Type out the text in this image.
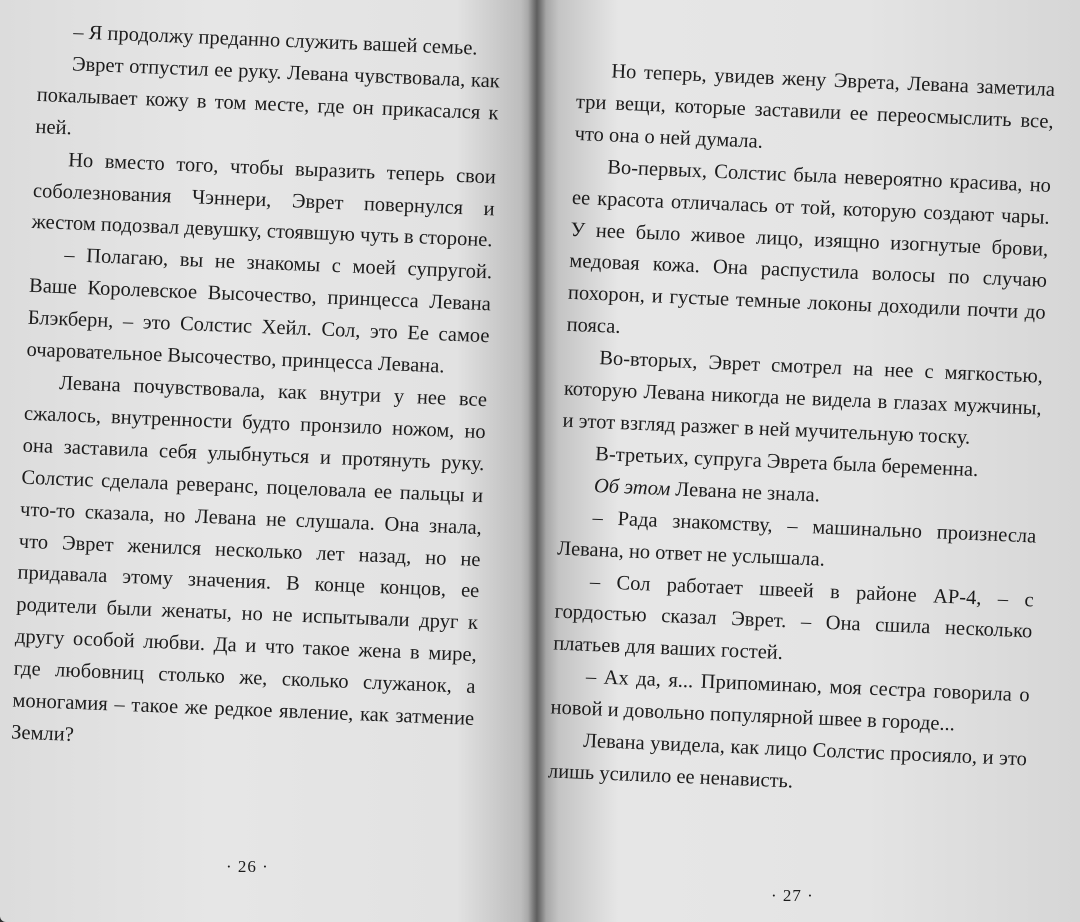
– Я продолжу преданно служить вашей семье.

Эврет отпустил ее руку. Левана чувствовала, как покалывает кожу в том месте, где он прикасался к ней.

Но вместо того, чтобы выразить теперь свои соболезнования Чэннери, Эврет повернулся и жестом подозвал девушку, стоявшую чуть в стороне.

– Полагаю, вы не знакомы с моей супругой. Ваше Королевское Высочество, принцесса Левана Блэкберн, – это Солстис Хейл. Сол, это Ее самое очаровательное Высочество, принцесса Левана.

Левана почувствовала, как внутри у нее все сжалось, внутренности будто пронзило ножом, но она заставила себя улыбнуться и протянуть руку. Солстис сделала реверанс, поцеловала ее пальцы и что-то сказала, но Левана не слушала. Она знала, что Эврет женился несколько лет назад, но не придавала этому значения. В конце концов, ее родители были женаты, но не испытывали друг к другу особой любви. Да и что такое жена в мире, где любовниц столько же, сколько служанок, а моногамия – такое же редкое явление, как затмение Земли?

· 26 ·

Но теперь, увидев жену Эврета, Левана заметила три вещи, которые заставили ее переосмыслить все, что она о ней думала.

Во-первых, Солстис была невероятно красива, но ее красота отличалась от той, которую создают чары. У нее было живое лицо, изящно изогнутые брови, медовая кожа. Она распустила волосы по случаю похорон, и густые темные локоны доходили почти до пояса.

Во-вторых, Эврет смотрел на нее с мягкостью, которую Левана никогда не видела в глазах мужчины, и этот взгляд разжег в ней мучительную тоску.

В-третьих, супруга Эврета была беременна.

Об этом Левана не знала.

– Рада знакомству, – машинально произнесла Левана, но ответ не услышала.

– Сол работает швеей в районе АР-4, – с гордостью сказал Эврет. – Она сшила несколько платьев для ваших гостей.

– Ах да, я... Припоминаю, моя сестра говорила о новой и довольно популярной швее в городе...

Левана увидела, как лицо Солстис просияло, и это лишь усилило ее ненависть.

· 27 ·
